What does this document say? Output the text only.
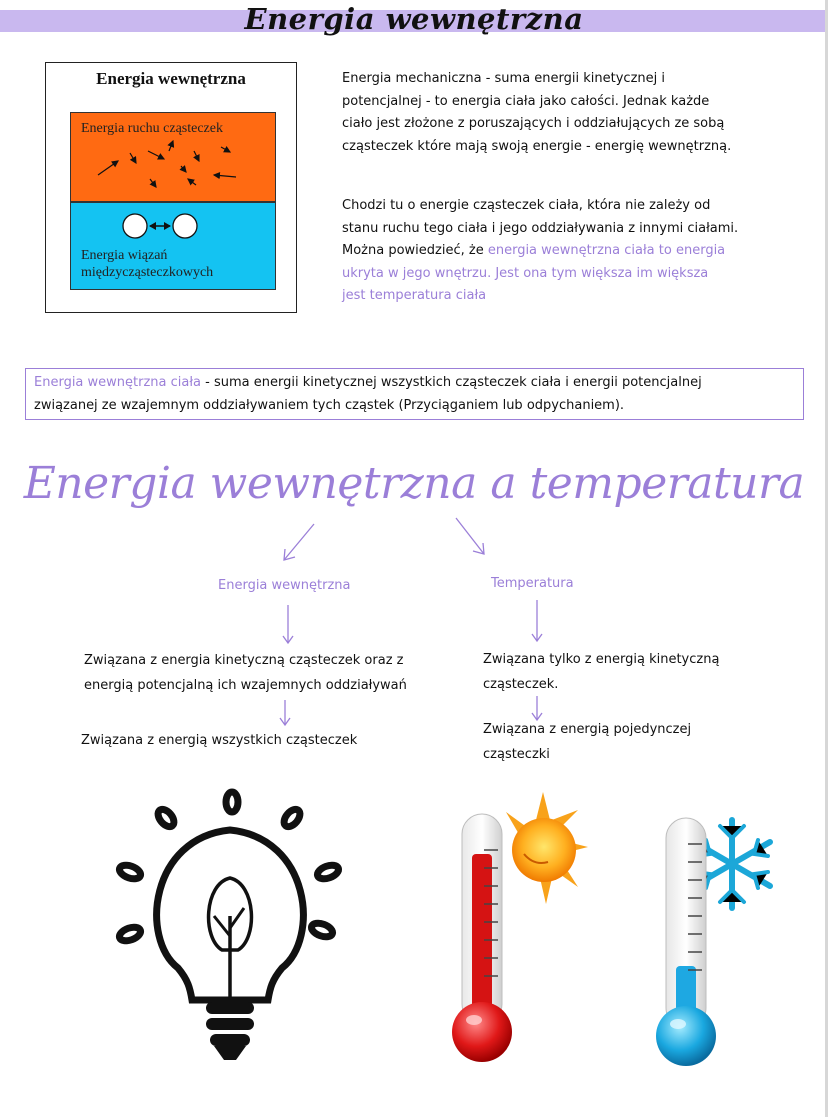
Energia wewnętrzna
Energia wewnętrzna
Energia ruchu cząsteczek
Energia wiązań
międzycząsteczkowych
Energia mechaniczna - suma energii kinetycznej i
potencjalnej - to energia ciała jako całości. Jednak każde
ciało jest złożone z poruszających i oddziałujących ze sobą
cząsteczek które mają swoją energie - energię wewnętrzną.
Chodzi tu o energie cząsteczek ciała, która nie zależy od
stanu ruchu tego ciała i jego oddziaływania z innymi ciałami.
Można powiedzieć, że energia wewnętrzna ciała to energia
ukryta w jego wnętrzu. Jest ona tym większa im większa
jest temperatura ciała
Energia wewnętrzna ciała - suma energii kinetycznej wszystkich cząsteczek ciała i energii potencjalnej
związanej ze wzajemnym oddziaływaniem tych cząstek (Przyciąganiem lub odpychaniem).
Energia wewnętrzna a temperatura
Energia wewnętrzna	Temperatura
Związana z energia kinetyczną cząsteczek oraz z
energią potencjalną ich wzajemnych oddziaływań
Związana z energią wszystkich cząsteczek
Związana tylko z energią kinetyczną
cząsteczek.
Związana z energią pojedynczej
cząsteczki
